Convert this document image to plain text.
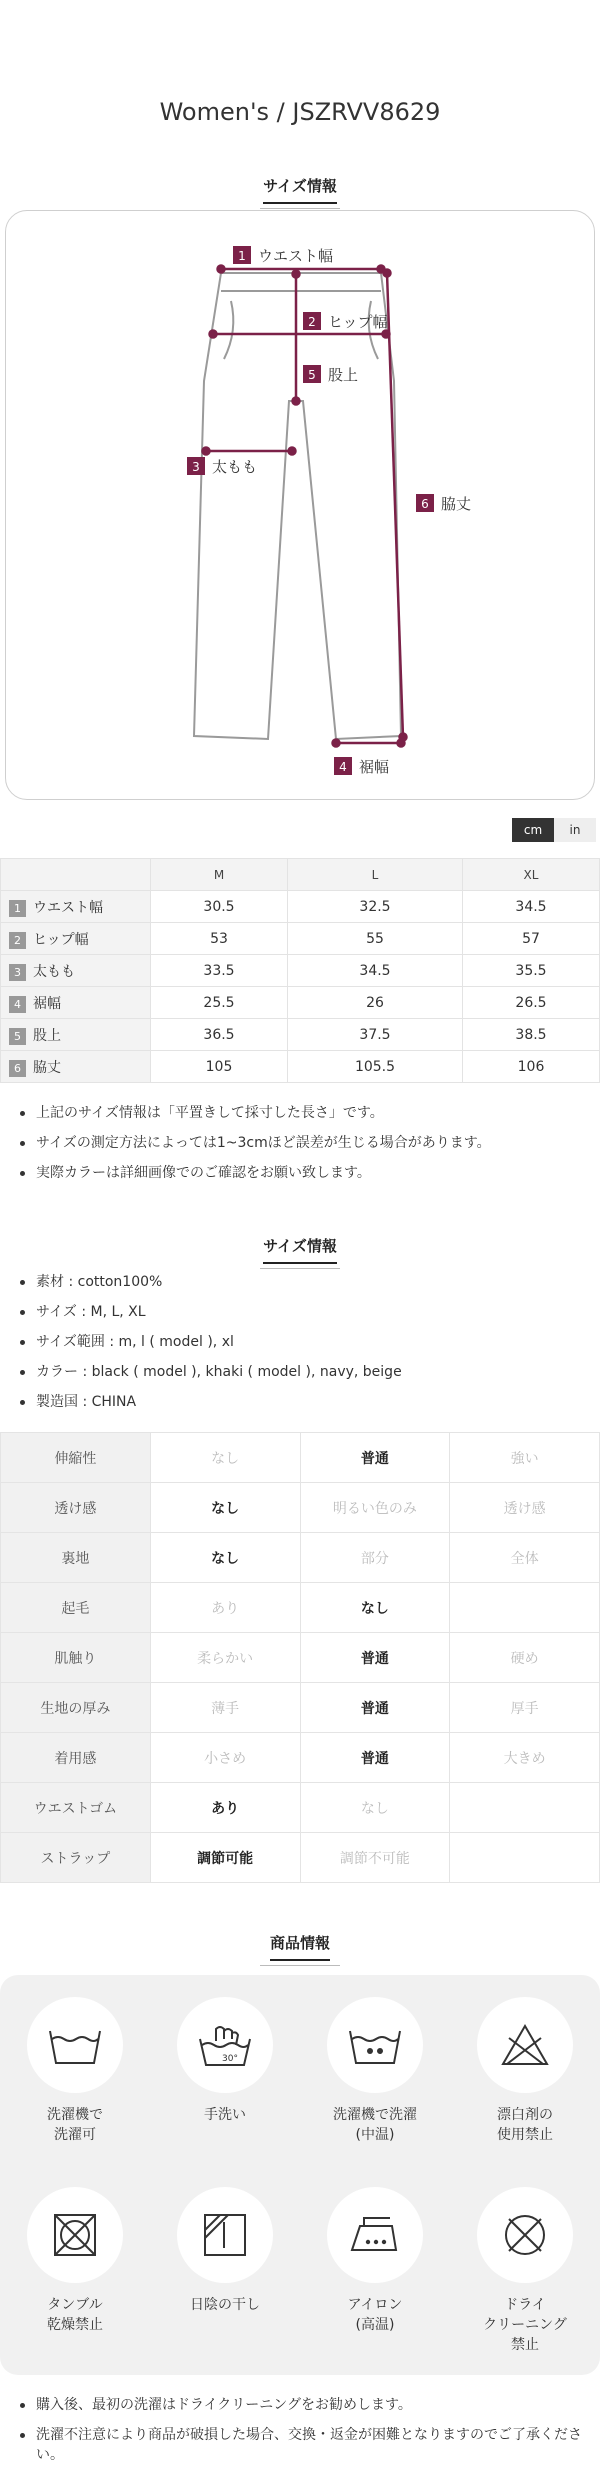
Women's / JSZRVV8629
サイズ情報
1 ウエスト幅
2 ヒップ幅
5 股上
3 太もも
6 脇丈
4 裾幅
cm	in
	M	L	XL
1 ウエスト幅	30.5	32.5	34.5
2 ヒップ幅	53	55	57
3 太もも	33.5	34.5	35.5
4 裾幅	25.5	26	26.5
5 股上	36.5	37.5	38.5
6 脇丈	105	105.5	106
上記のサイズ情報は「平置きして採寸した長さ」です。
サイズの測定方法によっては1~3cmほど誤差が生じる場合があります。
実際カラーは詳細画像でのご確認をお願い致します。
サイズ情報
素材 : cotton100%
サイズ : M, L, XL
サイズ範囲 : m, l ( model ), xl
カラー : black ( model ), khaki ( model ), navy, beige
製造国 : CHINA
伸縮性	なし	普通	強い
透け感	なし	明るい色のみ	透け感
裏地	なし	部分	全体
起毛	あり	なし	
肌触り	柔らかい	普通	硬め
生地の厚み	薄手	普通	厚手
着用感	小さめ	普通	大きめ
ウエストゴム	あり	なし	
ストラップ	調節可能	調節不可能	
商品情報
洗濯機で
洗濯可
30°
手洗い	洗濯機で洗濯
(中温)
漂白剤の
使用禁止
タンブル
乾燥禁止
日陰の干し	アイロン
(高温)
ドライ
クリーニング
禁止
購入後、最初の洗濯はドライクリーニングをお勧めします。
洗濯不注意により商品が破損した場合、交換・返金が困難となりますのでご了承ください。
